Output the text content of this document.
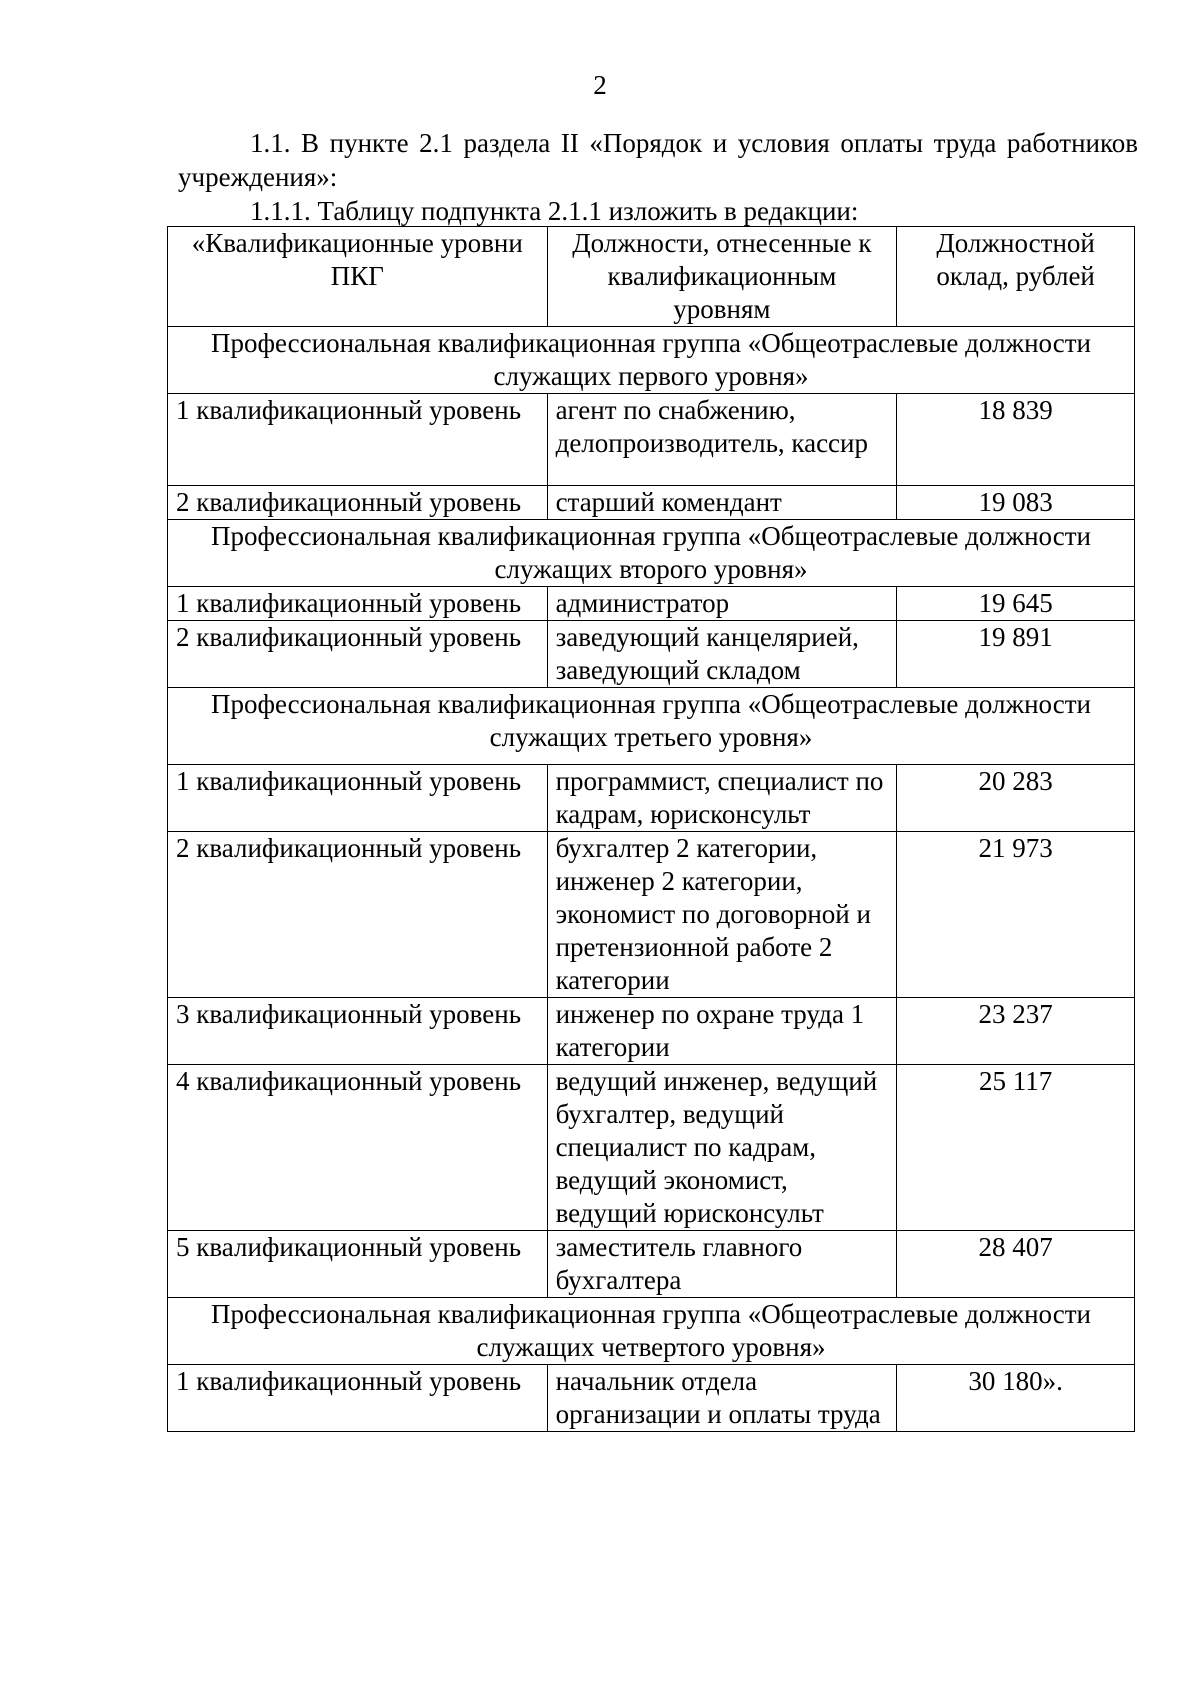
2

1.1. В пункте 2.1 раздела II «Порядок и условия оплаты труда работников учреждения»:

1.1.1. Таблицу подпункта 2.1.1 изложить в редакции:

«Квалификационные уровни ПКГ	Должности, отнесенные к квалификационным уровням	Должностной оклад, рублей
Профессиональная квалификационная группа «Общеотраслевые должности служащих первого уровня»		
1 квалификационный уровень	агент по снабжению, делопроизводитель, кассир	18 839
2 квалификационный уровень	старший комендант	19 083
Профессиональная квалификационная группа «Общеотраслевые должности служащих второго уровня»		
1 квалификационный уровень	администратор	19 645
2 квалификационный уровень	заведующий канцелярией, заведующий складом	19 891
Профессиональная квалификационная группа «Общеотраслевые должности служащих третьего уровня»		
1 квалификационный уровень	программист, специалист по кадрам, юрисконсульт	20 283
2 квалификационный уровень	бухгалтер 2 категории, инженер 2 категории, экономист по договорной и претензионной работе 2 категории	21 973
3 квалификационный уровень	инженер по охране труда 1 категории	23 237
4 квалификационный уровень	ведущий инженер, ведущий бухгалтер, ведущий специалист по кадрам, ведущий экономист, ведущий юрисконсульт	25 117
5 квалификационный уровень	заместитель главного бухгалтера	28 407
Профессиональная квалификационная группа «Общеотраслевые должности служащих четвертого уровня»		
1 квалификационный уровень	начальник отдела организации и оплаты труда	30 180».
